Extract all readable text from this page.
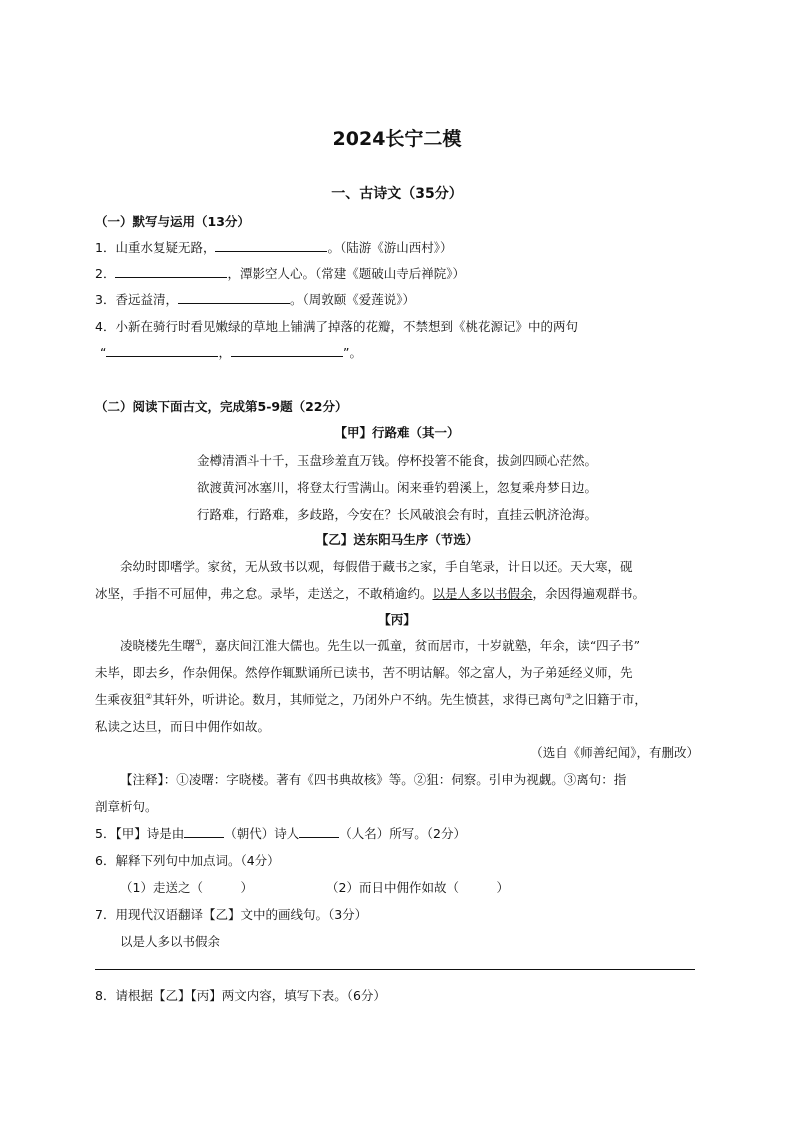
2024长宁二模
一、古诗文（35分）
（一）默写与运用（13分）
1．山重水复疑无路，	。（陆游《游山西村》）
2．	，潭影空人心。（常建《题破山寺后禅院》）
3．香远益清，	。（周敦颐《爱莲说》）
4．小新在骑行时看见嫩绿的草地上铺满了掉落的花瓣，不禁想到《桃花源记》中的两句
“	，	”。
（二）阅读下面古文，完成第5-9题（22分）
【甲】行路难（其一）
金樽清酒斗十千，玉盘珍羞直万钱。停杯投箸不能食，拔剑四顾心茫然。
欲渡黄河冰塞川，将登太行雪满山。闲来垂钓碧溪上，忽复乘舟梦日边。
行路难，行路难，多歧路，今安在？长风破浪会有时，直挂云帆济沧海。
【乙】送东阳马生序（节选）
余幼时即嗜学。家贫，无从致书以观，每假借于藏书之家，手自笔录，计日以还。天大寒，砚
冰坚，手指不可屈伸，弗之怠。录毕，走送之，不敢稍逾约。以是人多以书假余，余因得遍观群书。
【丙】
凌晓楼先生曙①，嘉庆间江淮大儒也。先生以一孤童，贫而居市，十岁就塾，年余，读“四子书”
未毕，即去乡，作杂佣保。然停作辄默诵所已读书，苦不明诂解。邻之富人，为子弟延经义师，先
生乘夜狙②其轩外，听讲论。数月，其师觉之，乃闭外户不纳。先生愤甚，求得已离句③之旧籍于市，
私读之达旦，而日中佣作如故。
（选自《师善纪闻》，有删改）
【注释】：①凌曙：字晓楼。著有《四书典故核》等。②狙：伺察。引申为视觑。③离句：指
剖章析句。
5．【甲】诗是由	（朝代）诗人	（人名）所写。（2分）
6．解释下列句中加点词。（4分）
（1）走送之（　　　）	（2）而日中佣作如故（　　　）
7．用现代汉语翻译【乙】文中的画线句。（3分）
以是人多以书假余
8．请根据【乙】【丙】两文内容，填写下表。（6分）
